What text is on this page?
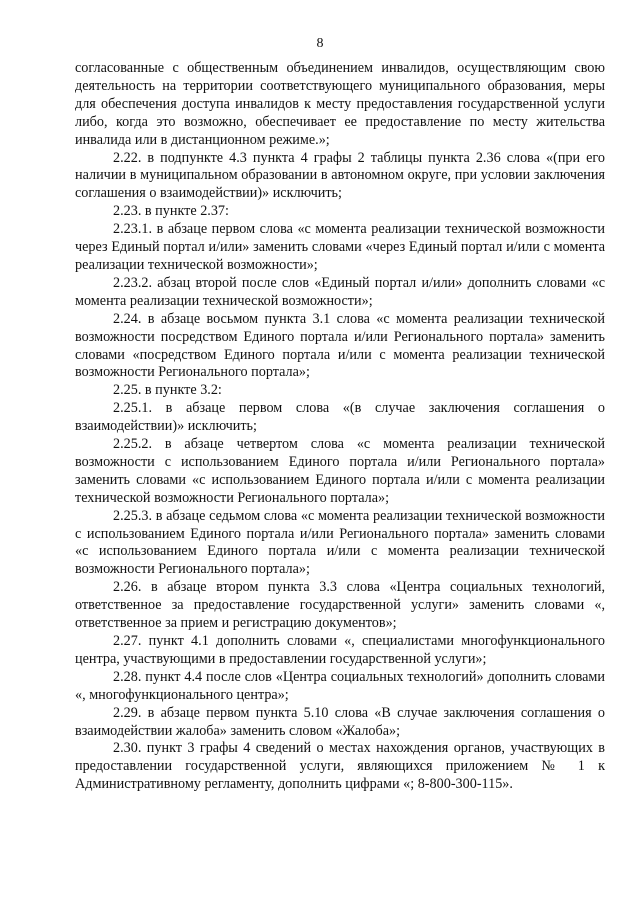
8

согласованные с общественным объединением инвалидов, осуществляющим свою деятельность на территории соответствующего муниципального образования, меры для обеспечения доступа инвалидов к месту предоставления государственной услуги либо, когда это возможно, обеспечивает ее предоставление по месту жительства инвалида или в дистанционном режиме.»;

2.22. в подпункте 4.3 пункта 4 графы 2 таблицы пункта 2.36 слова «(при его наличии в муниципальном образовании в автономном округе, при условии заключения соглашения о взаимодействии)» исключить;

2.23. в пункте 2.37:

2.23.1. в абзаце первом слова «с момента реализации технической возможности через Единый портал и/или» заменить словами «через Единый портал и/или с момента реализации технической возможности»;

2.23.2. абзац второй после слов «Единый портал и/или» дополнить словами «с момента реализации технической возможности»;

2.24. в абзаце восьмом пункта 3.1 слова «с момента реализации технической возможности посредством Единого портала и/или Регионального портала» заменить словами «посредством Единого портала и/или с момента реализации технической возможности Регионального портала»;

2.25. в пункте 3.2:

2.25.1. в абзаце первом слова «(в случае заключения соглашения о взаимодействии)» исключить;

2.25.2. в абзаце четвертом слова «с момента реализации технической возможности с использованием Единого портала и/или Регионального портала» заменить словами «с использованием Единого портала и/или с момента реализации технической возможности Регионального портала»;

2.25.3. в абзаце седьмом слова «с момента реализации технической возможности с использованием Единого портала и/или Регионального портала» заменить словами «с использованием Единого портала и/или с момента реализации технической возможности Регионального портала»;

2.26. в абзаце втором пункта 3.3 слова «Центра социальных технологий, ответственное за предоставление государственной услуги» заменить словами «, ответственное за прием и регистрацию документов»;

2.27. пункт 4.1 дополнить словами «, специалистами многофункционального центра, участвующими в предоставлении государственной услуги»;

2.28. пункт 4.4 после слов «Центра социальных технологий» дополнить словами «, многофункционального центра»;

2.29. в абзаце первом пункта 5.10 слова «В случае заключения соглашения о взаимодействии жалоба» заменить словом «Жалоба»;

2.30. пункт 3 графы 4 сведений о местах нахождения органов, участвующих в предоставлении государственной услуги, являющихся приложением № 1 к Административному регламенту, дополнить цифрами «; 8-800-300-115».
